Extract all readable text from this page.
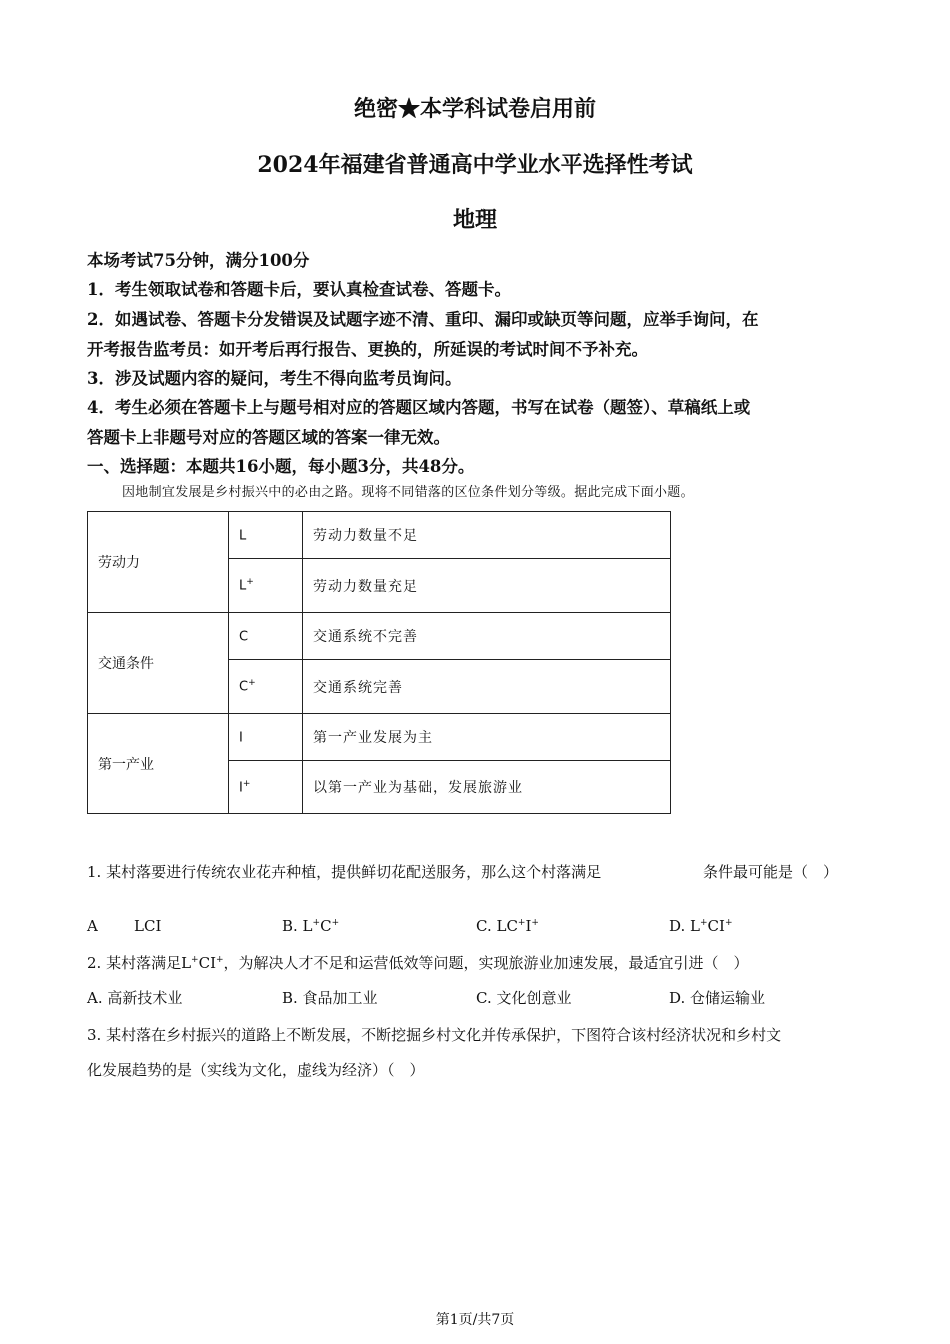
绝密★本学科试卷启用前
2024年福建省普通高中学业水平选择性考试
地理
本场考试75分钟，满分100分
1．考生领取试卷和答题卡后，要认真检查试卷、答题卡。
2．如遇试卷、答题卡分发错误及试题字迹不清、重印、漏印或缺页等问题，应举手询问，在
开考报告监考员：如开考后再行报告、更换的，所延误的考试时间不予补充。
3．涉及试题内容的疑问，考生不得向监考员询问。
4．考生必须在答题卡上与题号相对应的答题区域内答题，书写在试卷（题签）、草稿纸上或
答题卡上非题号对应的答题区域的答案一律无效。
一、选择题：本题共16小题，每小题3分，共48分。
因地制宜发展是乡村振兴中的必由之路。现将不同错落的区位条件划分等级。据此完成下面小题。
劳动力	L	劳动力数量不足
	L+	劳动力数量充足
交通条件	C	交通系统不完善
	C+	交通系统完善
第一产业	I	第一产业发展为主
	I+	以第一产业为基础，发展旅游业
1. 某村落要进行传统农业花卉种植，提供鲜切花配送服务，那么这个村落满足	条件最可能是（　）
A LCI	B. L+C+	C. LC+I+	D. L+CI+
2. 某村落满足L+CI+，为解决人才不足和运营低效等问题，实现旅游业加速发展，最适宜引进（　）
A. 高新技术业	B. 食品加工业	C. 文化创意业	D. 仓储运输业
3. 某村落在乡村振兴的道路上不断发展，不断挖掘乡村文化并传承保护，下图符合该村经济状况和乡村文
化发展趋势的是（实线为文化，虚线为经济）（　）
第1页/共7页
